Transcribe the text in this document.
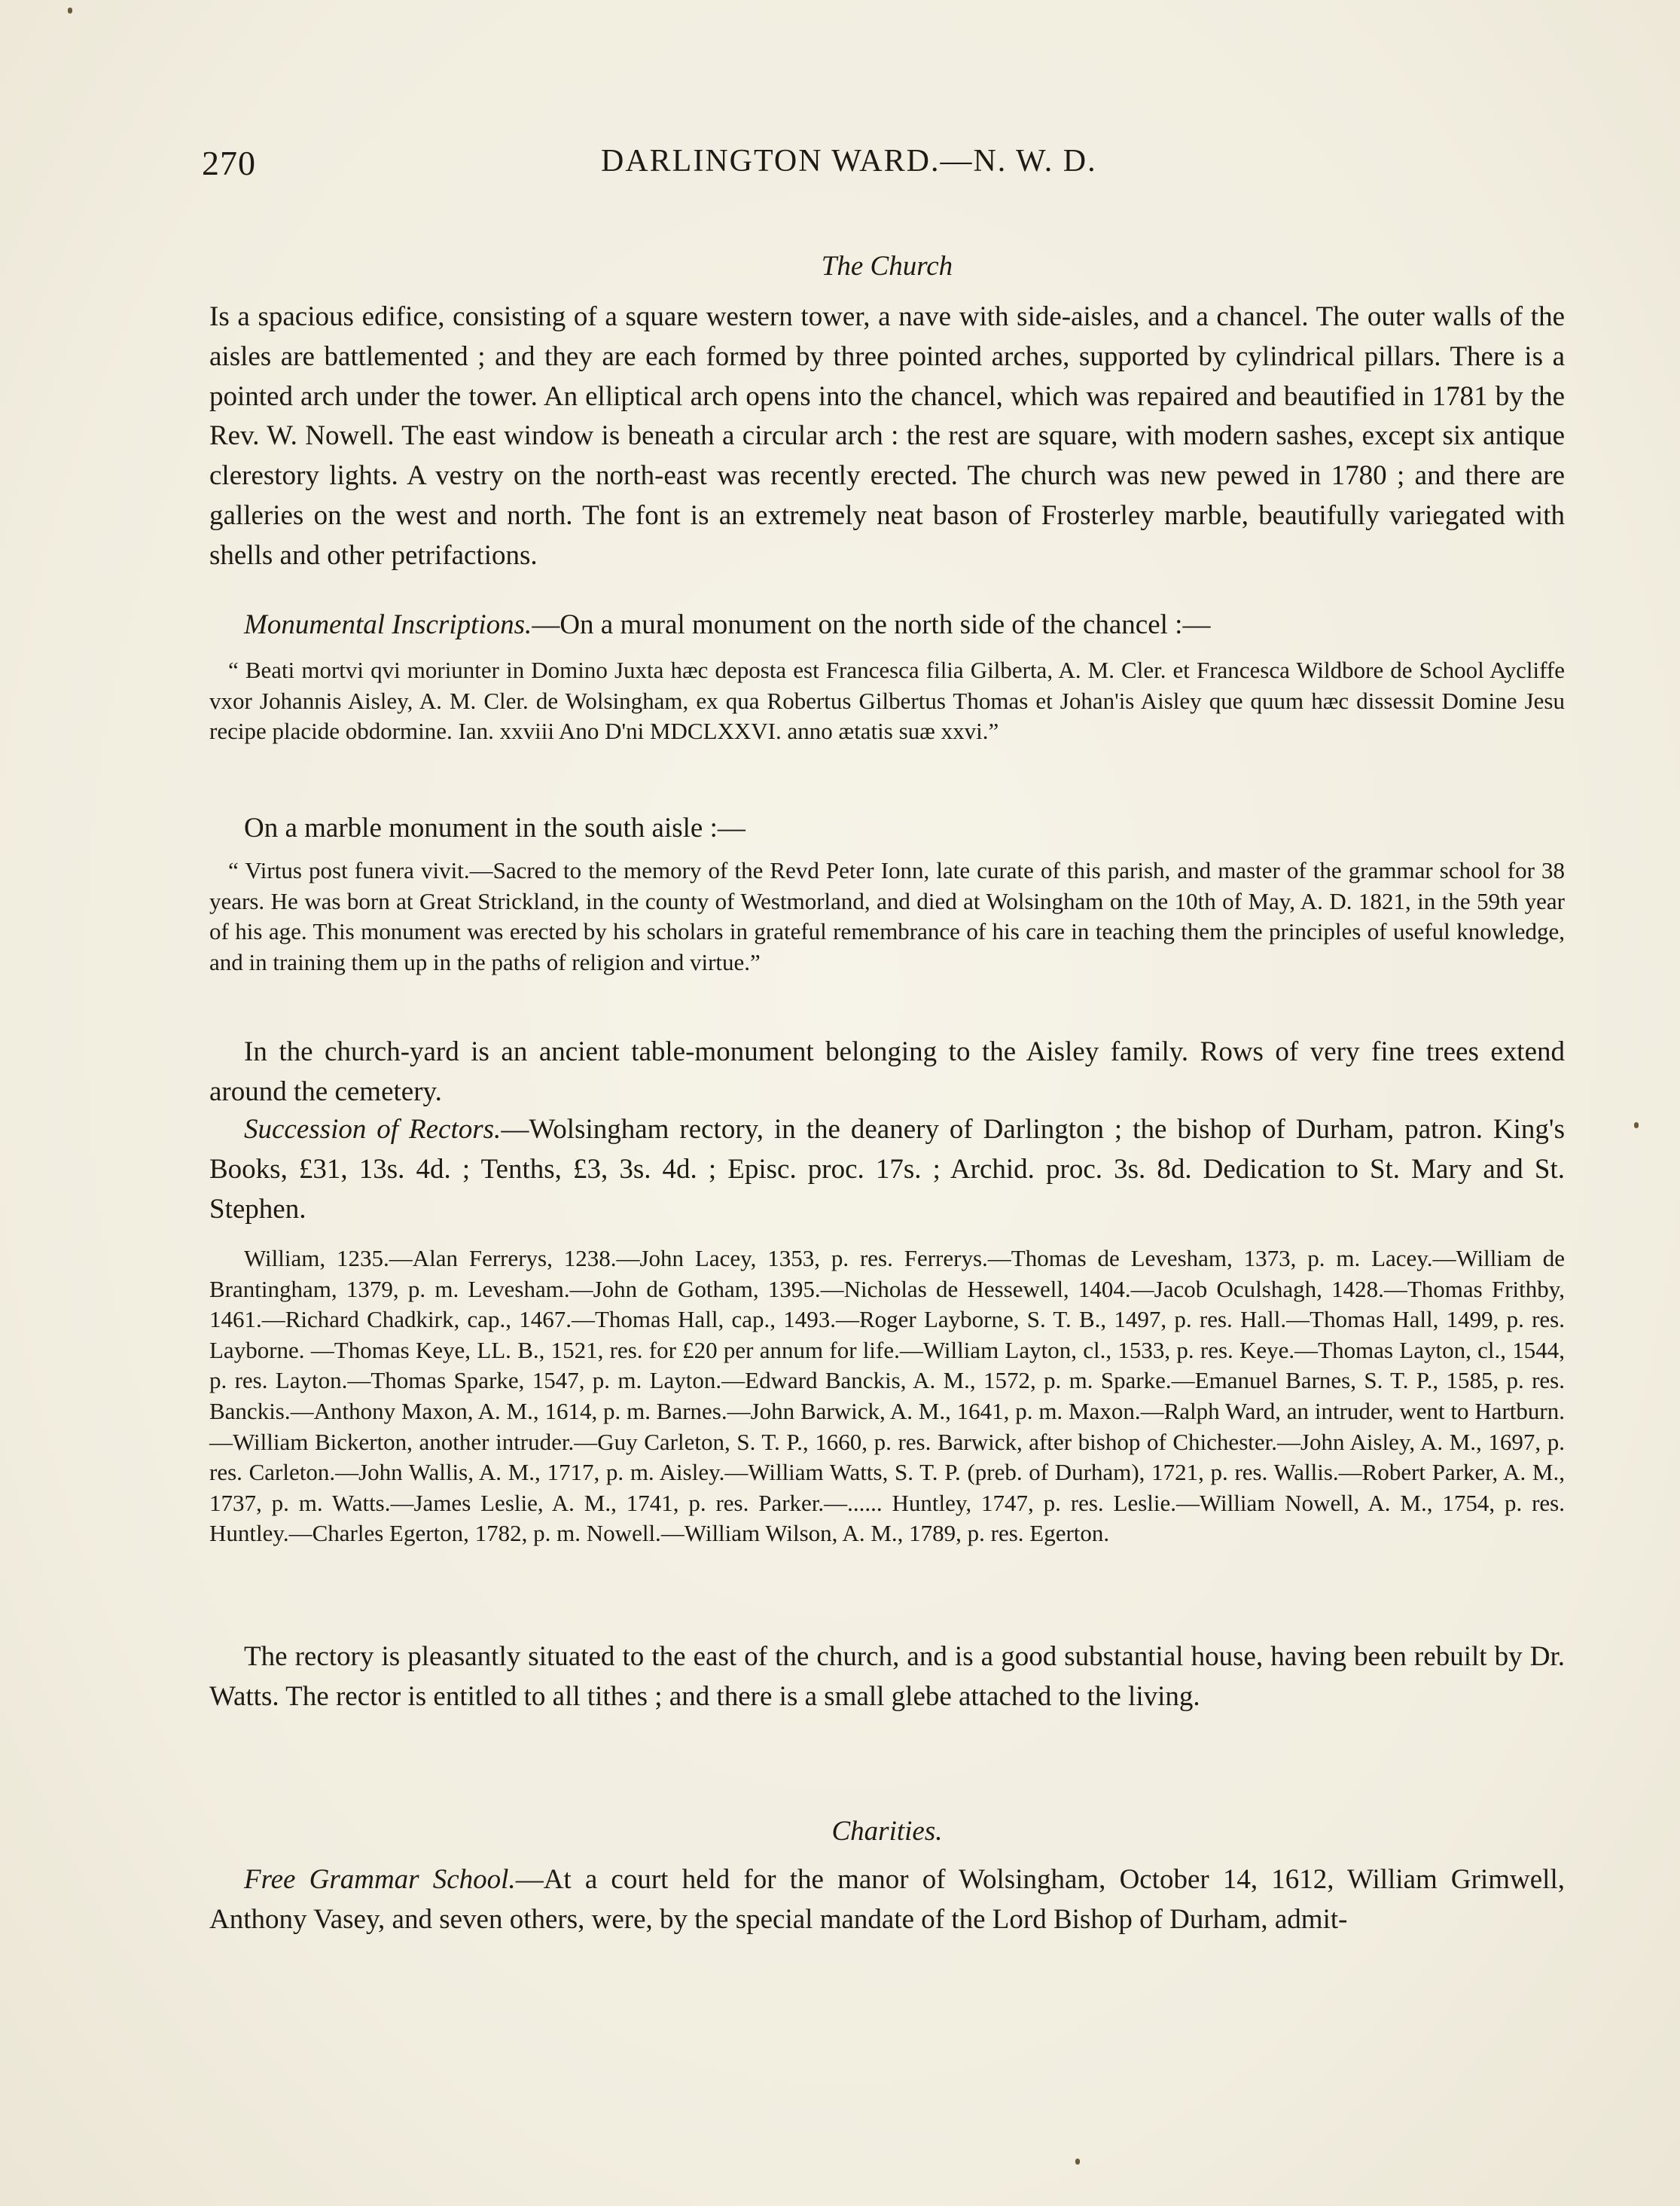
270	DARLINGTON WARD.—N. W. D.
The Church
Is a spacious edifice, consisting of a square western tower, a nave with side-aisles, and a chancel. The outer walls of the aisles are battlemented ; and they are each formed by three pointed arches, supported by cylindrical pillars. There is a pointed arch under the tower. An elliptical arch opens into the chancel, which was repaired and beautified in 1781 by the Rev. W. Nowell. The east window is beneath a circular arch : the rest are square, with modern sashes, except six antique clerestory lights. A vestry on the north-east was recently erected. The church was new pewed in 1780 ; and there are galleries on the west and north. The font is an extremely neat bason of Frosterley marble, beautifully variegated with shells and other petrifactions.
Monumental Inscriptions.—On a mural monument on the north side of the chancel :—
“ Beati mortvi qvi moriunter in Domino Juxta hæc deposta est Francesca filia Gilberta, A. M. Cler. et Francesca Wildbore de School Aycliffe vxor Johannis Aisley, A. M. Cler. de Wolsingham, ex qua Robertus Gilbertus Thomas et Johan'is Aisley que quum hæc dissessit Domine Jesu recipe placide obdormine. Ian. xxviii Ano D'ni MDCLXXVI. anno ætatis suæ xxvi.”
On a marble monument in the south aisle :—
“ Virtus post funera vivit.—Sacred to the memory of the Revd Peter Ionn, late curate of this parish, and master of the grammar school for 38 years. He was born at Great Strickland, in the county of Westmorland, and died at Wolsingham on the 10th of May, A. D. 1821, in the 59th year of his age. This monument was erected by his scholars in grateful remembrance of his care in teaching them the principles of useful knowledge, and in training them up in the paths of religion and virtue.”
In the church-yard is an ancient table-monument belonging to the Aisley family. Rows of very fine trees extend around the cemetery.
Succession of Rectors.—Wolsingham rectory, in the deanery of Darlington ; the bishop of Durham, patron. King's Books, £31, 13s. 4d. ; Tenths, £3, 3s. 4d. ; Episc. proc. 17s. ; Archid. proc. 3s. 8d. Dedication to St. Mary and St. Stephen.
William, 1235.—Alan Ferrerys, 1238.—John Lacey, 1353, p. res. Ferrerys.—Thomas de Levesham, 1373, p. m. Lacey.—William de Brantingham, 1379, p. m. Levesham.—John de Gotham, 1395.—Nicholas de Hessewell, 1404.—Jacob Oculshagh, 1428.—Thomas Frithby, 1461.—Richard Chadkirk, cap., 1467.—Thomas Hall, cap., 1493.—Roger Layborne, S. T. B., 1497, p. res. Hall.—Thomas Hall, 1499, p. res. Layborne. —Thomas Keye, LL. B., 1521, res. for £20 per annum for life.—William Layton, cl., 1533, p. res. Keye.—Thomas Layton, cl., 1544, p. res. Layton.—Thomas Sparke, 1547, p. m. Layton.—Edward Banckis, A. M., 1572, p. m. Sparke.—Emanuel Barnes, S. T. P., 1585, p. res. Banckis.—Anthony Maxon, A. M., 1614, p. m. Barnes.—John Barwick, A. M., 1641, p. m. Maxon.—Ralph Ward, an intruder, went to Hartburn.—William Bickerton, another intruder.—Guy Carleton, S. T. P., 1660, p. res. Barwick, after bishop of Chichester.—John Aisley, A. M., 1697, p. res. Carleton.—John Wallis, A. M., 1717, p. m. Aisley.—William Watts, S. T. P. (preb. of Durham), 1721, p. res. Wallis.—Robert Parker, A. M., 1737, p. m. Watts.—James Leslie, A. M., 1741, p. res. Parker.—...... Huntley, 1747, p. res. Leslie.—William Nowell, A. M., 1754, p. res. Huntley.—Charles Egerton, 1782, p. m. Nowell.—William Wilson, A. M., 1789, p. res. Egerton.
The rectory is pleasantly situated to the east of the church, and is a good substantial house, having been rebuilt by Dr. Watts. The rector is entitled to all tithes ; and there is a small glebe attached to the living.
Charities.
Free Grammar School.—At a court held for the manor of Wolsingham, October 14, 1612, William Grimwell, Anthony Vasey, and seven others, were, by the special mandate of the Lord Bishop of Durham, admit-
